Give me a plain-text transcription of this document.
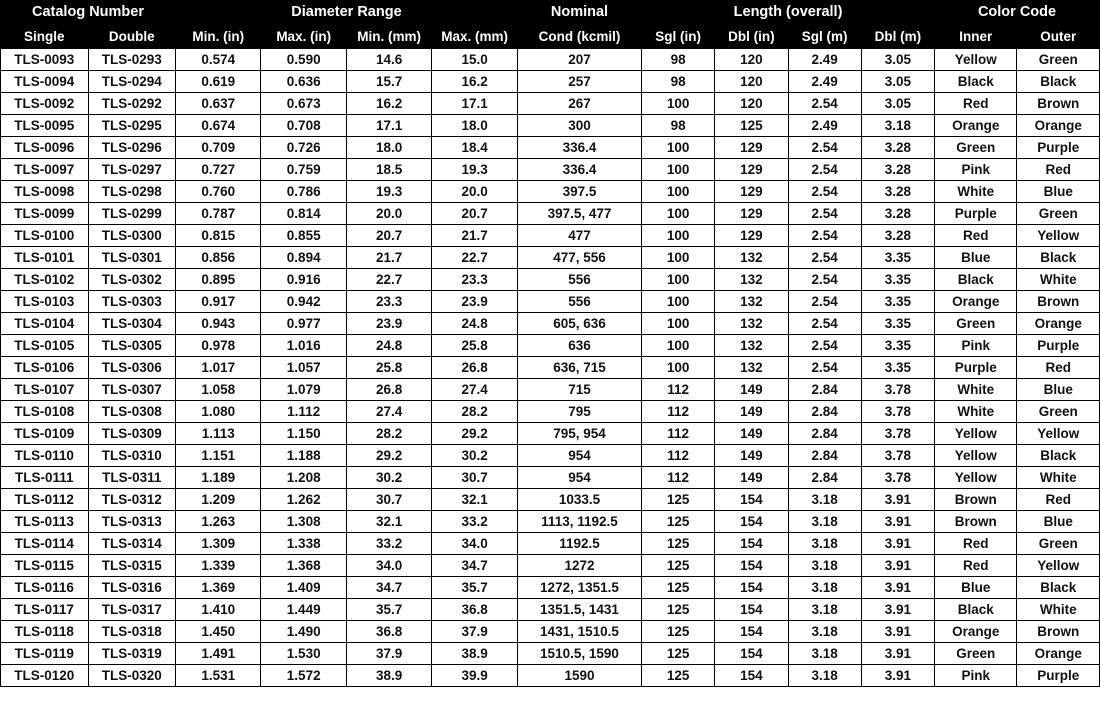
Catalog Number		Diameter Range				Nominal	Length (overall)				Color Code	
Single	Double	Min. (in)	Max. (in)	Min. (mm)	Max. (mm)	Cond (kcmil)	Sgl (in)	Dbl (in)	Sgl (m)	Dbl (m)	Inner	Outer
TLS-0093	TLS-0293	0.574	0.590	14.6	15.0	207	98	120	2.49	3.05	Yellow	Green
TLS-0094	TLS-0294	0.619	0.636	15.7	16.2	257	98	120	2.49	3.05	Black	Black
TLS-0092	TLS-0292	0.637	0.673	16.2	17.1	267	100	120	2.54	3.05	Red	Brown
TLS-0095	TLS-0295	0.674	0.708	17.1	18.0	300	98	125	2.49	3.18	Orange	Orange
TLS-0096	TLS-0296	0.709	0.726	18.0	18.4	336.4	100	129	2.54	3.28	Green	Purple
TLS-0097	TLS-0297	0.727	0.759	18.5	19.3	336.4	100	129	2.54	3.28	Pink	Red
TLS-0098	TLS-0298	0.760	0.786	19.3	20.0	397.5	100	129	2.54	3.28	White	Blue
TLS-0099	TLS-0299	0.787	0.814	20.0	20.7	397.5, 477	100	129	2.54	3.28	Purple	Green
TLS-0100	TLS-0300	0.815	0.855	20.7	21.7	477	100	129	2.54	3.28	Red	Yellow
TLS-0101	TLS-0301	0.856	0.894	21.7	22.7	477, 556	100	132	2.54	3.35	Blue	Black
TLS-0102	TLS-0302	0.895	0.916	22.7	23.3	556	100	132	2.54	3.35	Black	White
TLS-0103	TLS-0303	0.917	0.942	23.3	23.9	556	100	132	2.54	3.35	Orange	Brown
TLS-0104	TLS-0304	0.943	0.977	23.9	24.8	605, 636	100	132	2.54	3.35	Green	Orange
TLS-0105	TLS-0305	0.978	1.016	24.8	25.8	636	100	132	2.54	3.35	Pink	Purple
TLS-0106	TLS-0306	1.017	1.057	25.8	26.8	636, 715	100	132	2.54	3.35	Purple	Red
TLS-0107	TLS-0307	1.058	1.079	26.8	27.4	715	112	149	2.84	3.78	White	Blue
TLS-0108	TLS-0308	1.080	1.112	27.4	28.2	795	112	149	2.84	3.78	White	Green
TLS-0109	TLS-0309	1.113	1.150	28.2	29.2	795, 954	112	149	2.84	3.78	Yellow	Yellow
TLS-0110	TLS-0310	1.151	1.188	29.2	30.2	954	112	149	2.84	3.78	Yellow	Black
TLS-0111	TLS-0311	1.189	1.208	30.2	30.7	954	112	149	2.84	3.78	Yellow	White
TLS-0112	TLS-0312	1.209	1.262	30.7	32.1	1033.5	125	154	3.18	3.91	Brown	Red
TLS-0113	TLS-0313	1.263	1.308	32.1	33.2	1113, 1192.5	125	154	3.18	3.91	Brown	Blue
TLS-0114	TLS-0314	1.309	1.338	33.2	34.0	1192.5	125	154	3.18	3.91	Red	Green
TLS-0115	TLS-0315	1.339	1.368	34.0	34.7	1272	125	154	3.18	3.91	Red	Yellow
TLS-0116	TLS-0316	1.369	1.409	34.7	35.7	1272, 1351.5	125	154	3.18	3.91	Blue	Black
TLS-0117	TLS-0317	1.410	1.449	35.7	36.8	1351.5, 1431	125	154	3.18	3.91	Black	White
TLS-0118	TLS-0318	1.450	1.490	36.8	37.9	1431, 1510.5	125	154	3.18	3.91	Orange	Brown
TLS-0119	TLS-0319	1.491	1.530	37.9	38.9	1510.5, 1590	125	154	3.18	3.91	Green	Orange
TLS-0120	TLS-0320	1.531	1.572	38.9	39.9	1590	125	154	3.18	3.91	Pink	Purple
